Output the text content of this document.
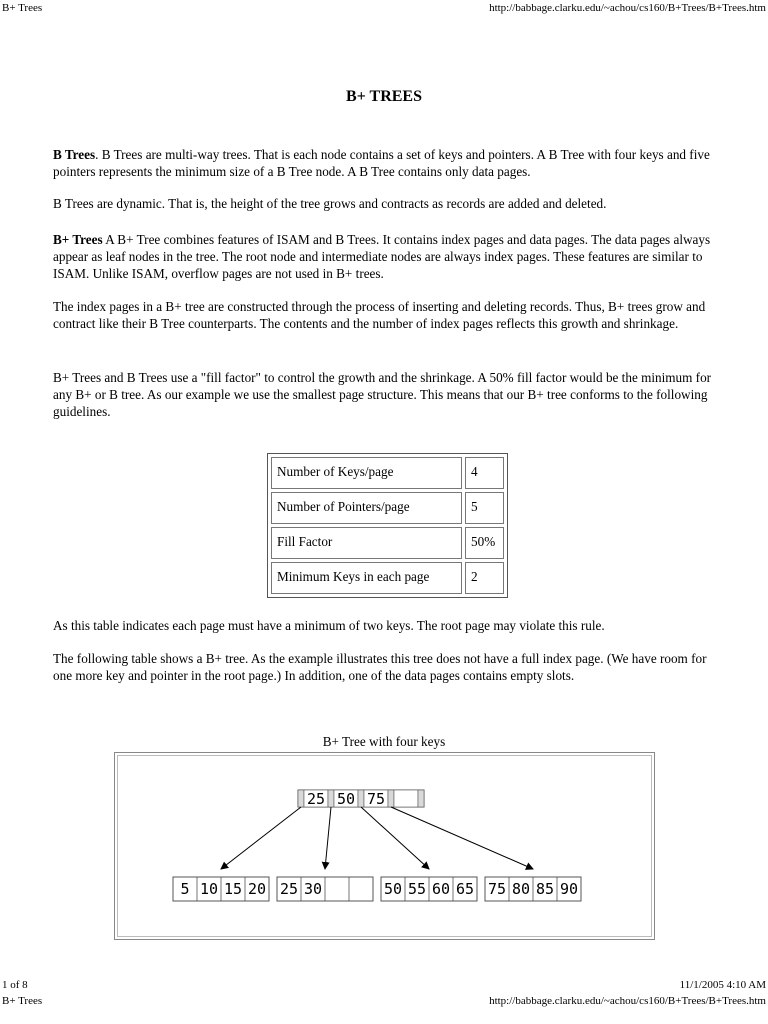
B+ Trees	http://babbage.clarku.edu/~achou/cs160/B+Trees/B+Trees.htm
B+ TREES
B Trees. B Trees are multi-way trees. That is each node contains a set of keys and pointers. A B Tree with four keys and five pointers represents the minimum size of a B Tree node. A B Tree contains only data pages.
B Trees are dynamic. That is, the height of the tree grows and contracts as records are added and deleted.
B+ Trees A B+ Tree combines features of ISAM and B Trees. It contains index pages and data pages. The data pages always appear as leaf nodes in the tree. The root node and intermediate nodes are always index pages. These features are similar to ISAM. Unlike ISAM, overflow pages are not used in B+ trees.
The index pages in a B+ tree are constructed through the process of inserting and deleting records. Thus, B+ trees grow and contract like their B Tree counterparts. The contents and the number of index pages reflects this growth and shrinkage.
B+ Trees and B Trees use a "fill factor" to control the growth and the shrinkage. A 50% fill factor would be the minimum for any B+ or B tree. As our example we use the smallest page structure. This means that our B+ tree conforms to the following guidelines.
Number of Keys/page	4
Number of Pointers/page	5
Fill Factor	50%
Minimum Keys in each page	2
As this table indicates each page must have a minimum of two keys. The root page may violate this rule.
The following table shows a B+ tree. As the example illustrates this tree does not have a full index page. (We have room for one more key and pointer in the root page.) In addition, one of the data pages contains empty slots.
B+ Tree with four keys
25 50 75
5 10 15 20 25 30	50 55 60 65 75 80 85 90
1 of 8	11/1/2005 4:10 AM
B+ Trees	http://babbage.clarku.edu/~achou/cs160/B+Trees/B+Trees.htm
